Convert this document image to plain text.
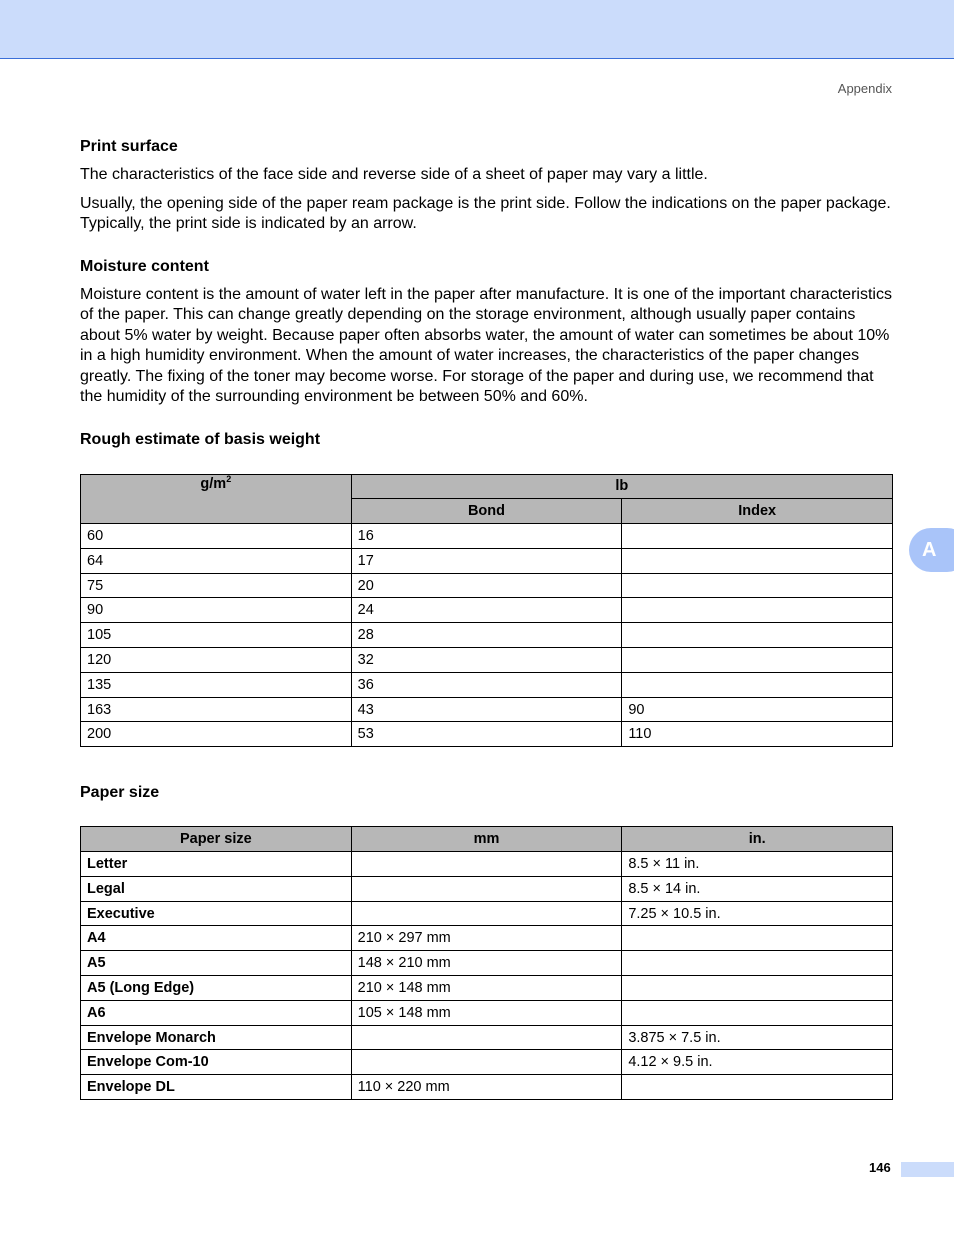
Appendix
Print surface

The characteristics of the face side and reverse side of a sheet of paper may vary a little.

Usually, the opening side of the paper ream package is the print side. Follow the indications on the paper package. Typically, the print side is indicated by an arrow.

Moisture content

Moisture content is the amount of water left in the paper after manufacture. It is one of the important characteristics of the paper. This can change greatly depending on the storage environment, although usually paper contains about 5% water by weight. Because paper often absorbs water, the amount of water can sometimes be about 10% in a high humidity environment. When the amount of water increases, the characteristics of the paper changes greatly. The fixing of the toner may become worse. For storage of the paper and during use, we recommend that the humidity of the surrounding environment be between 50% and 60%.

Rough estimate of basis weight
$g/m^2$	lb	
	Bond	Index
60	16	
64	17	
75	20	
90	24	
105	28	
120	32	
135	36	
163	43	90
200	53	110
Paper size
Paper size	mm	in.
Letter		8.5 × 11 in.
Legal		8.5 × 14 in.
Executive		7.25 × 10.5 in.
A4	210 × 297 mm	
A5	148 × 210 mm	
A5 (Long Edge)	210 × 148 mm	
A6	105 × 148 mm	
Envelope Monarch		3.875 × 7.5 in.
Envelope Com-10		4.12 × 9.5 in.
Envelope DL	110 × 220 mm	
A
146
